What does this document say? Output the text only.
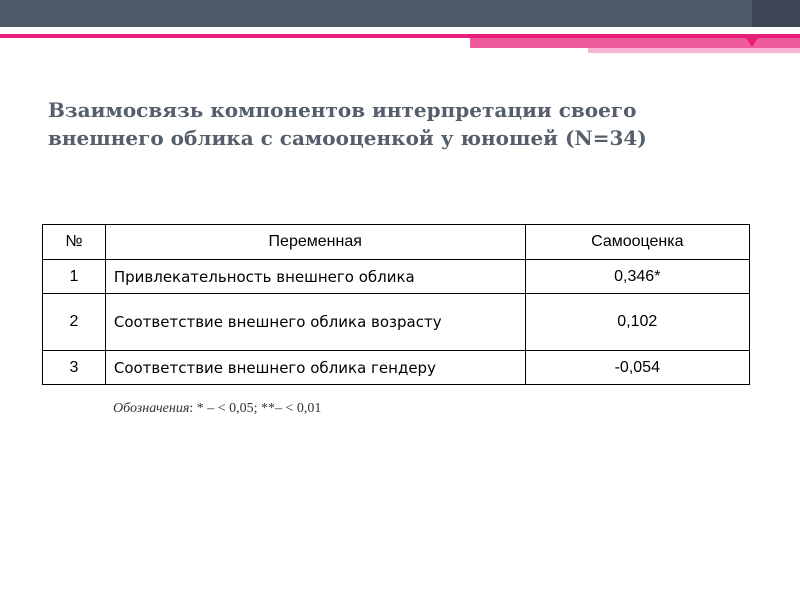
Взаимосвязь компонентов интерпретации своего
внешнего облика с самооценкой у юношей (N=34)
№	Переменная	Самооценка
1	Привлекательность внешнего облика	0,346*
2	Соответствие внешнего облика возрасту	0,102
3	Соответствие внешнего облика гендеру	-0,054
Обозначения: * – < 0,05; **– < 0,01
